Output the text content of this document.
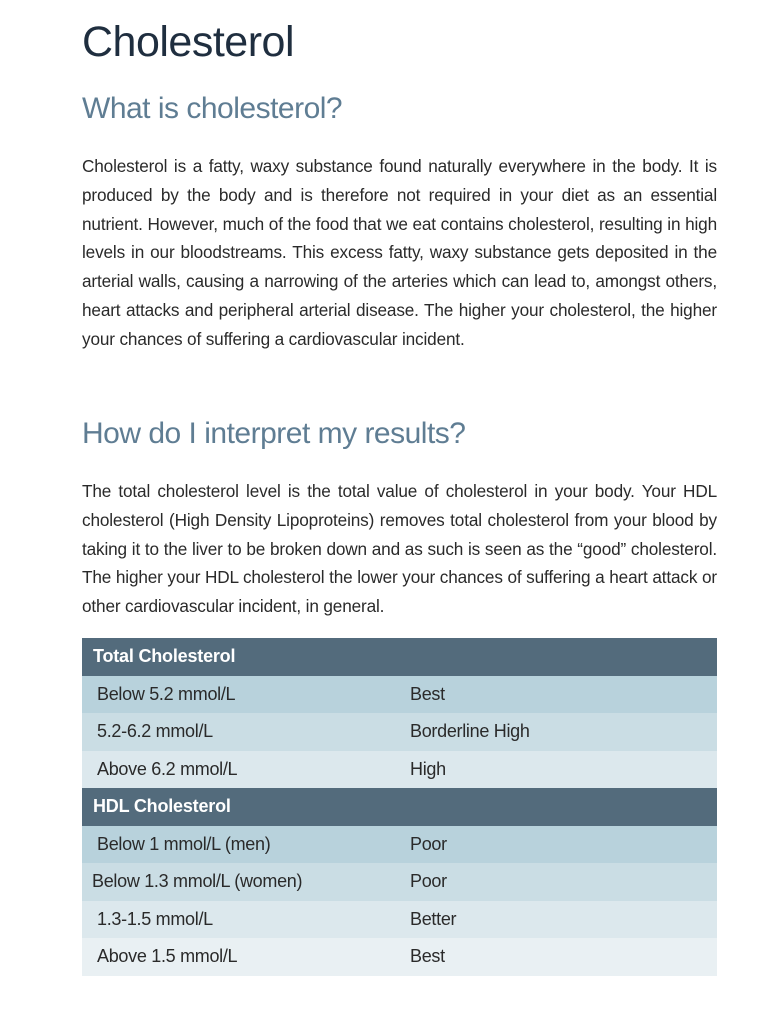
Cholesterol
What is cholesterol?

Cholesterol is a fatty, waxy substance found naturally everywhere in the body. It is produced by the body and is therefore not required in your diet as an essential nutrient. However, much of the food that we eat contains cholesterol, resulting in high levels in our bloodstreams. This excess fatty, waxy substance gets deposited in the arterial walls, causing a narrowing of the arteries which can lead to, amongst others, heart attacks and peripheral arterial disease. The higher your cholesterol, the higher your chances of suffering a cardiovascular incident.

How do I interpret my results?

The total cholesterol level is the total value of cholesterol in your body. Your HDL cholesterol (High Density Lipoproteins) removes total cholesterol from your blood by taking it to the liver to be broken down and as such is seen as the “good” cholesterol. The higher your HDL cholesterol the lower your chances of suffering a heart attack or other cardiovascular incident, in general.

Total Cholesterol	
Below 5.2 mmol/L	Best
5.2-6.2 mmol/L	Borderline High
Above 6.2 mmol/L	High
HDL Cholesterol	
Below 1 mmol/L (men)	Poor
Below 1.3 mmol/L (women)	Poor
1.3-1.5 mmol/L	Better
Above 1.5 mmol/L	Best
